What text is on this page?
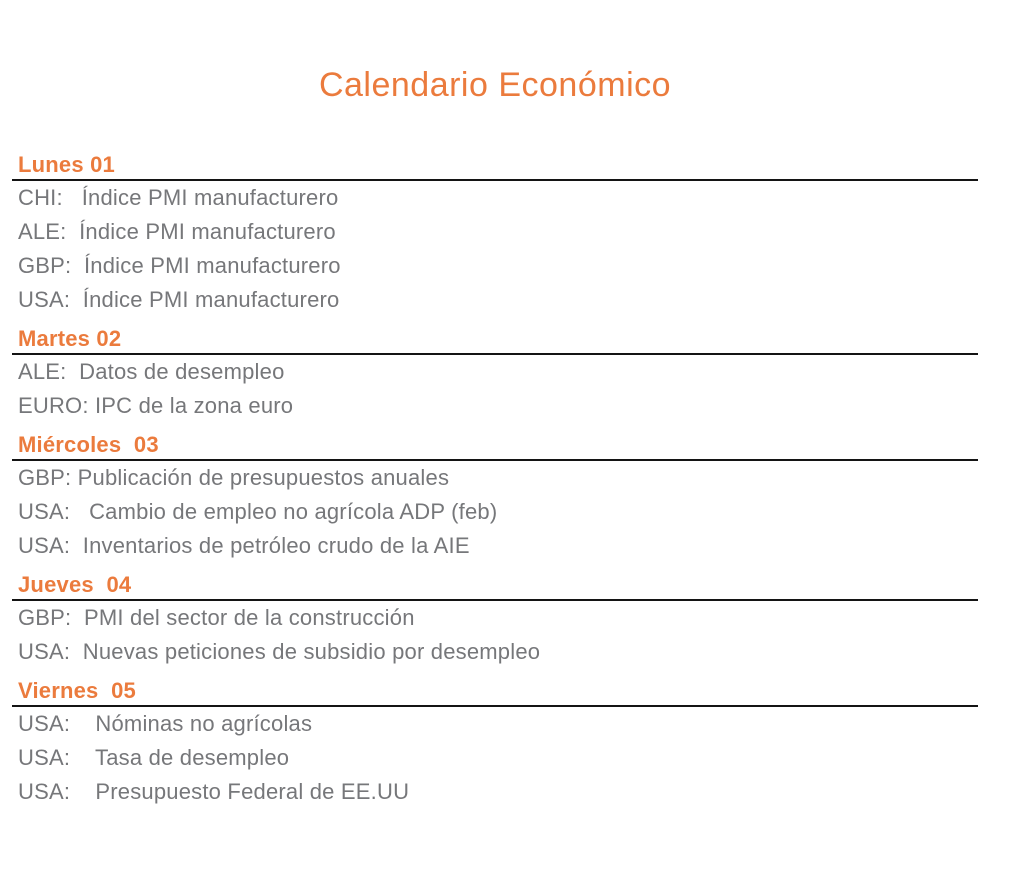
Calendario Económico
Lunes 01
CHI:   Índice PMI manufacturero
ALE:  Índice PMI manufacturero
GBP:  Índice PMI manufacturero
USA:  Índice PMI manufacturero
Martes 02
ALE:  Datos de desempleo
EURO: IPC de la zona euro
Miércoles  03
GBP: Publicación de presupuestos anuales
USA:   Cambio de empleo no agrícola ADP (feb)
USA:  Inventarios de petróleo crudo de la AIE
Jueves  04
GBP:  PMI del sector de la construcción
USA:  Nuevas peticiones de subsidio por desempleo
Viernes  05
USA:    Nóminas no agrícolas
USA:    Tasa de desempleo
USA:    Presupuesto Federal de EE.UU
